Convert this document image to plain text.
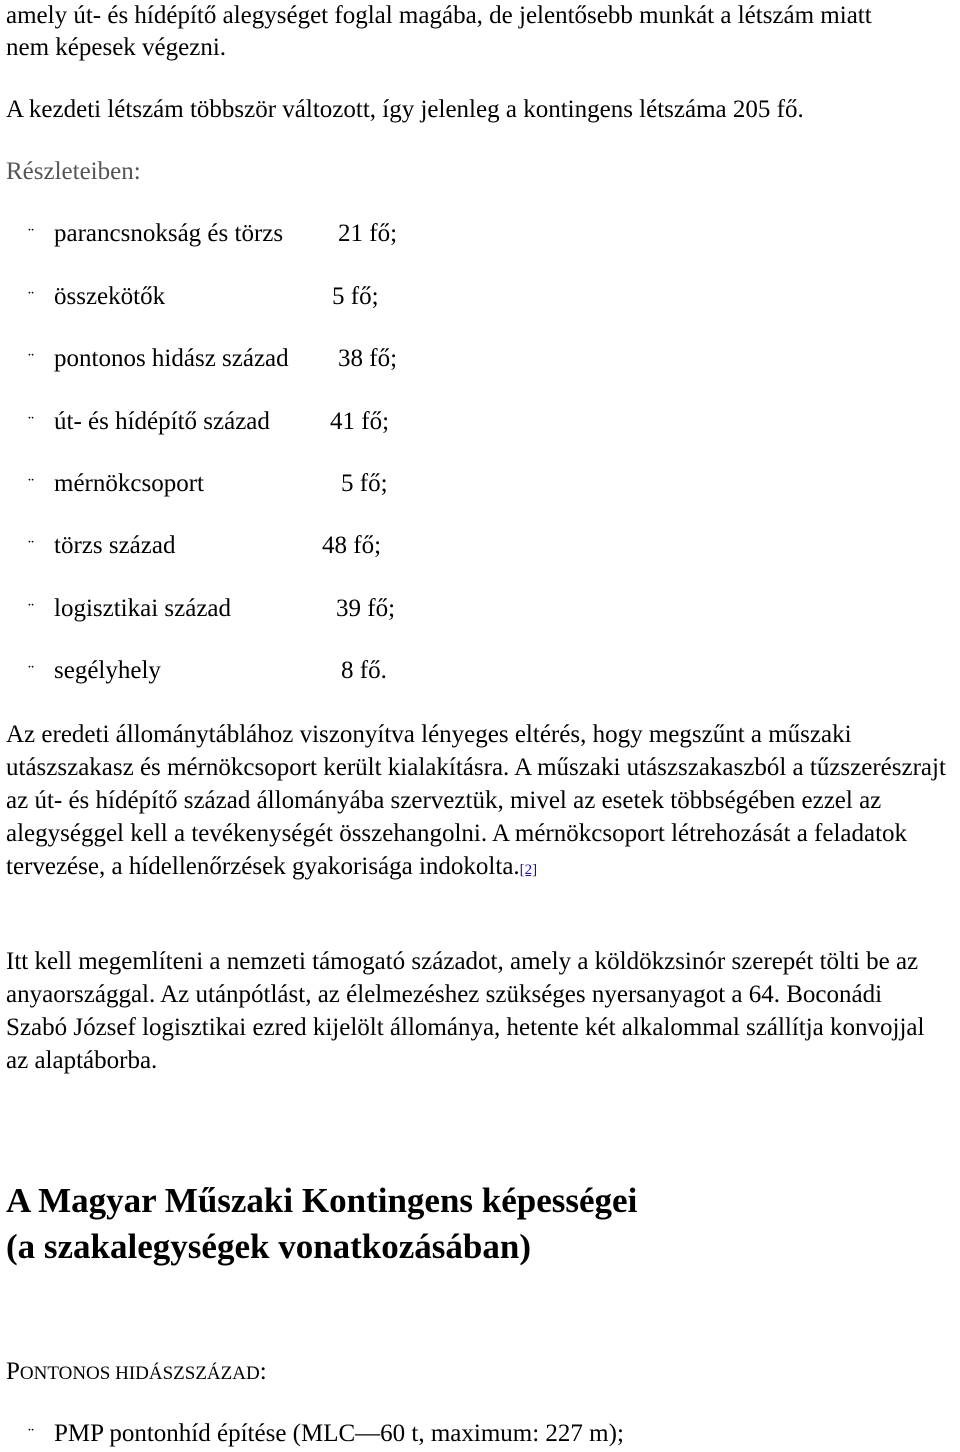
amely út- és hídépítő alegységet foglal magába, de jelentősebb munkát a létszám miatt
nem képesek végezni.
A kezdeti létszám többször változott, így jelenleg a kontingens létszáma 205 fő.
Részleteiben:
¨ parancsnokság és törzs 21 fő;
¨ összekötők	5 fő;
¨ pontonos hidász század 38 fő;
¨ út- és hídépítő század 41 fő;
¨ mérnökcsoport	5 fő;
¨ törzs század	48 fő;
¨ logisztikai század	39 fő;
¨ segélyhely	8 fő.
Az eredeti állománytáblához viszonyítva lényeges eltérés, hogy megszűnt a műszaki utászszakasz és mérnökcsoport került kialakításra. A műszaki utászszakaszból a tűzszerészrajt az út- és hídépítő század állományába szerveztük, mivel az esetek többségében ezzel az alegységgel kell a tevékenységét összehangolni. A mérnökcsoport létrehozását a feladatok tervezése, a hídellenőrzések gyakorisága indokolta.[2]
Itt kell megemlíteni a nemzeti támogató századot, amely a köldökzsinór szerepét tölti be az anyaországgal. Az utánpótlást, az élelmezéshez szükséges nyersanyagot a 64. Boconádi Szabó József logisztikai ezred kijelölt állománya, hetente két alkalommal szállítja konvojjal az alaptáborba.
A Magyar Műszaki Kontingens képességei
(a szakalegységek vonatkozásában)
PONTONOS HIDÁSZSZÁZAD:
¨ PMP pontonhíd építése (MLC—60 t, maximum: 227 m);
